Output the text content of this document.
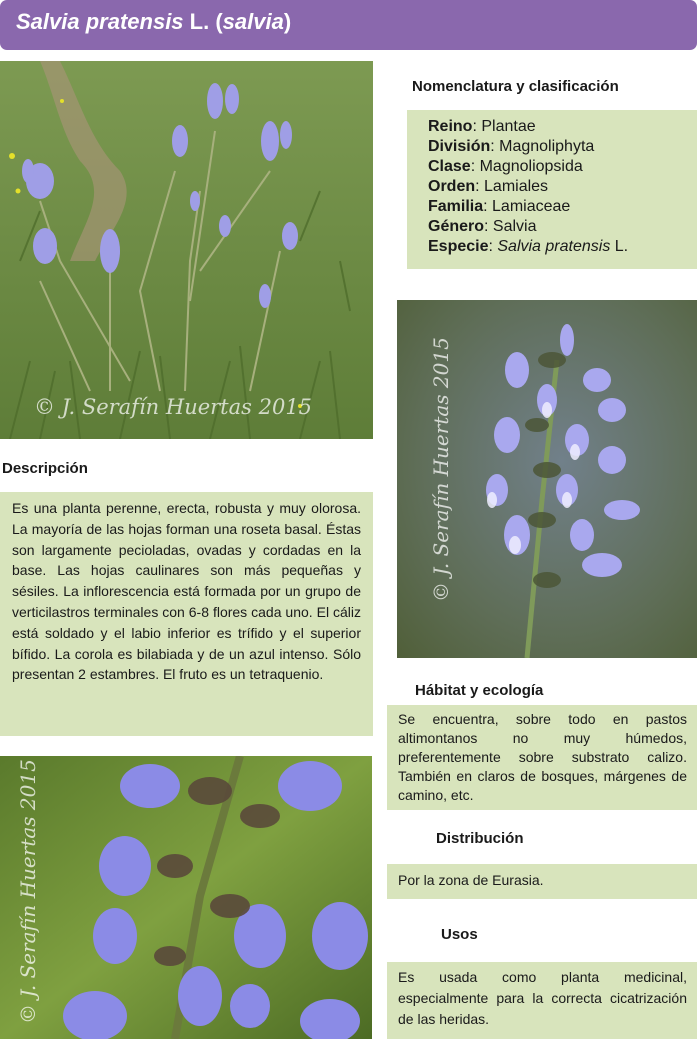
Salvia pratensis L. (salvia)
© J. Serafín Huertas 2015
Nomenclatura y clasificación
Reino: Plantae
División: Magnoliphyta
Clase: Magnoliopsida
Orden: Lamiales
Familia: Lamiaceae
Género: Salvia
Especie: Salvia pratensis L.
© J. Serafín Huertas 2015
Descripción
Es una planta perenne, erecta, robusta y muy olorosa. La mayoría de las hojas forman una roseta basal. Éstas son largamente pecioladas, ovadas y cordadas en la base. Las hojas caulinares son más pequeñas y sésiles. La inflorescencia está formada por un grupo de verticilastros terminales con 6-8 flores cada uno. El cáliz está soldado y el labio inferior es trífido y el superior bífido. La corola es bilabiada y de un azul intenso. Sólo presentan 2 estambres. El fruto es un tetraquenio.
Hábitat y ecología
Se encuentra, sobre todo en pastos altimontanos no muy húmedos, preferentemente sobre substrato calizo. También en claros de bosques, márgenes de camino, etc.
© J. Serafín Huertas 2015	Distribución
Por la zona de Eurasia.
Usos
Es usada como planta medicinal, especialmente para la correcta cicatrización de las heridas.
